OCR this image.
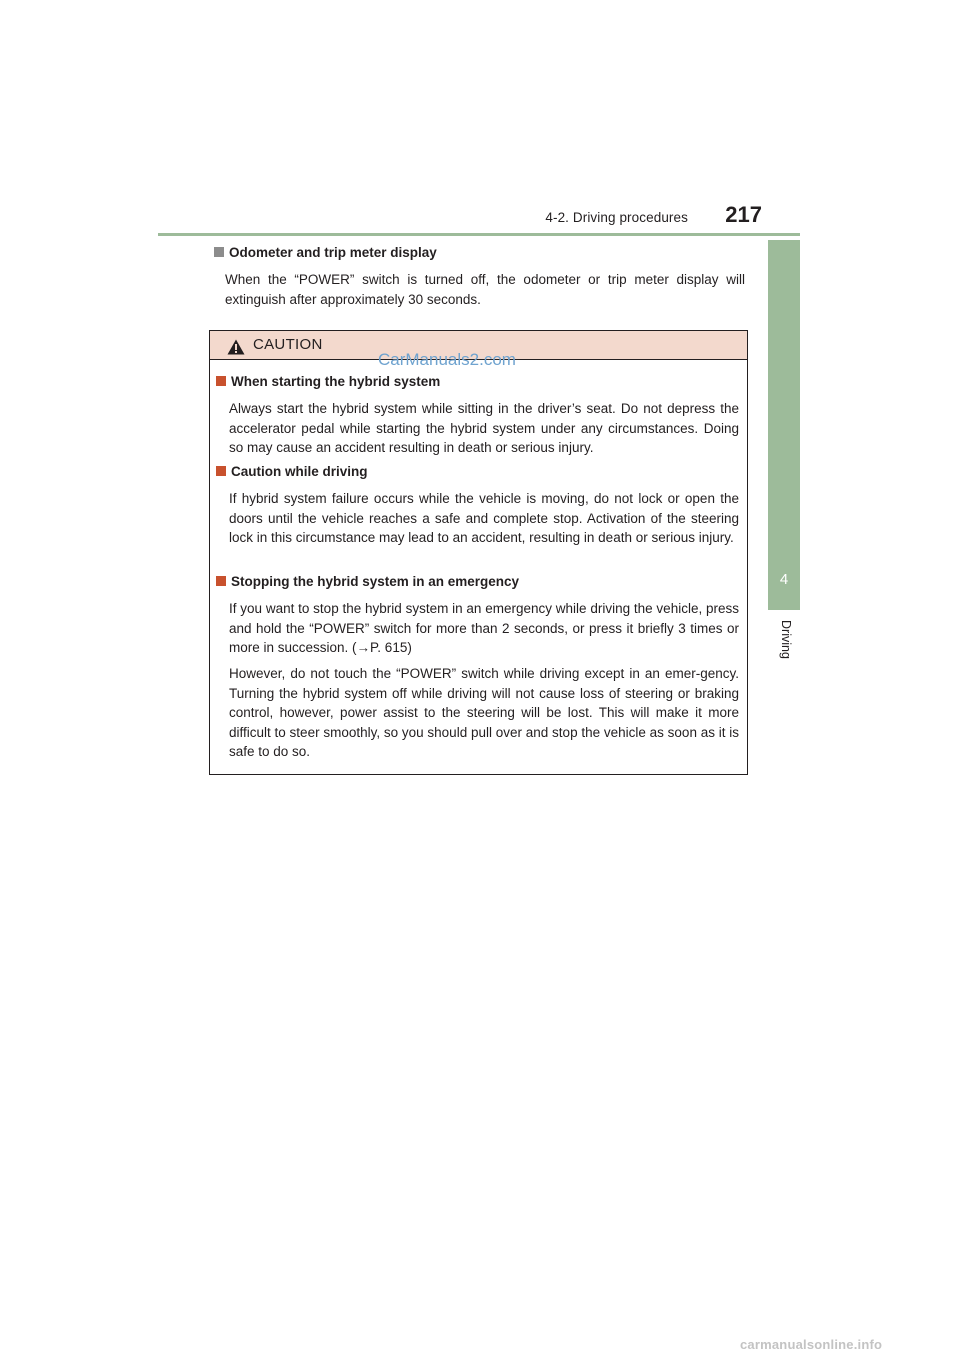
4-2. Driving procedures	217
4
Driving
Odometer and trip meter display
When the “POWER” switch is turned off, the odometer or trip meter display will extinguish after approximately 30 seconds.
CAUTION
When starting the hybrid system
Always start the hybrid system while sitting in the driver’s seat. Do not depress the accelerator pedal while starting the hybrid system under any circumstances. Doing so may cause an accident resulting in death or serious injury.
Caution while driving
If hybrid system failure occurs while the vehicle is moving, do not lock or open the doors until the vehicle reaches a safe and complete stop. Activation of the steering lock in this circumstance may lead to an accident, resulting in death or serious injury.
Stopping the hybrid system in an emergency
If you want to stop the hybrid system in an emergency while driving the vehicle, press and hold the “POWER” switch for more than 2 seconds, or press it briefly 3 times or more in succession. (→P. 615)
However, do not touch the “POWER” switch while driving except in an emer-gency. Turning the hybrid system off while driving will not cause loss of steering or braking control, however, power assist to the steering will be lost. This will make it more difficult to steer smoothly, so you should pull over and stop the vehicle as soon as it is safe to do so.
CarManuals2.com
carmanualsonline.info
